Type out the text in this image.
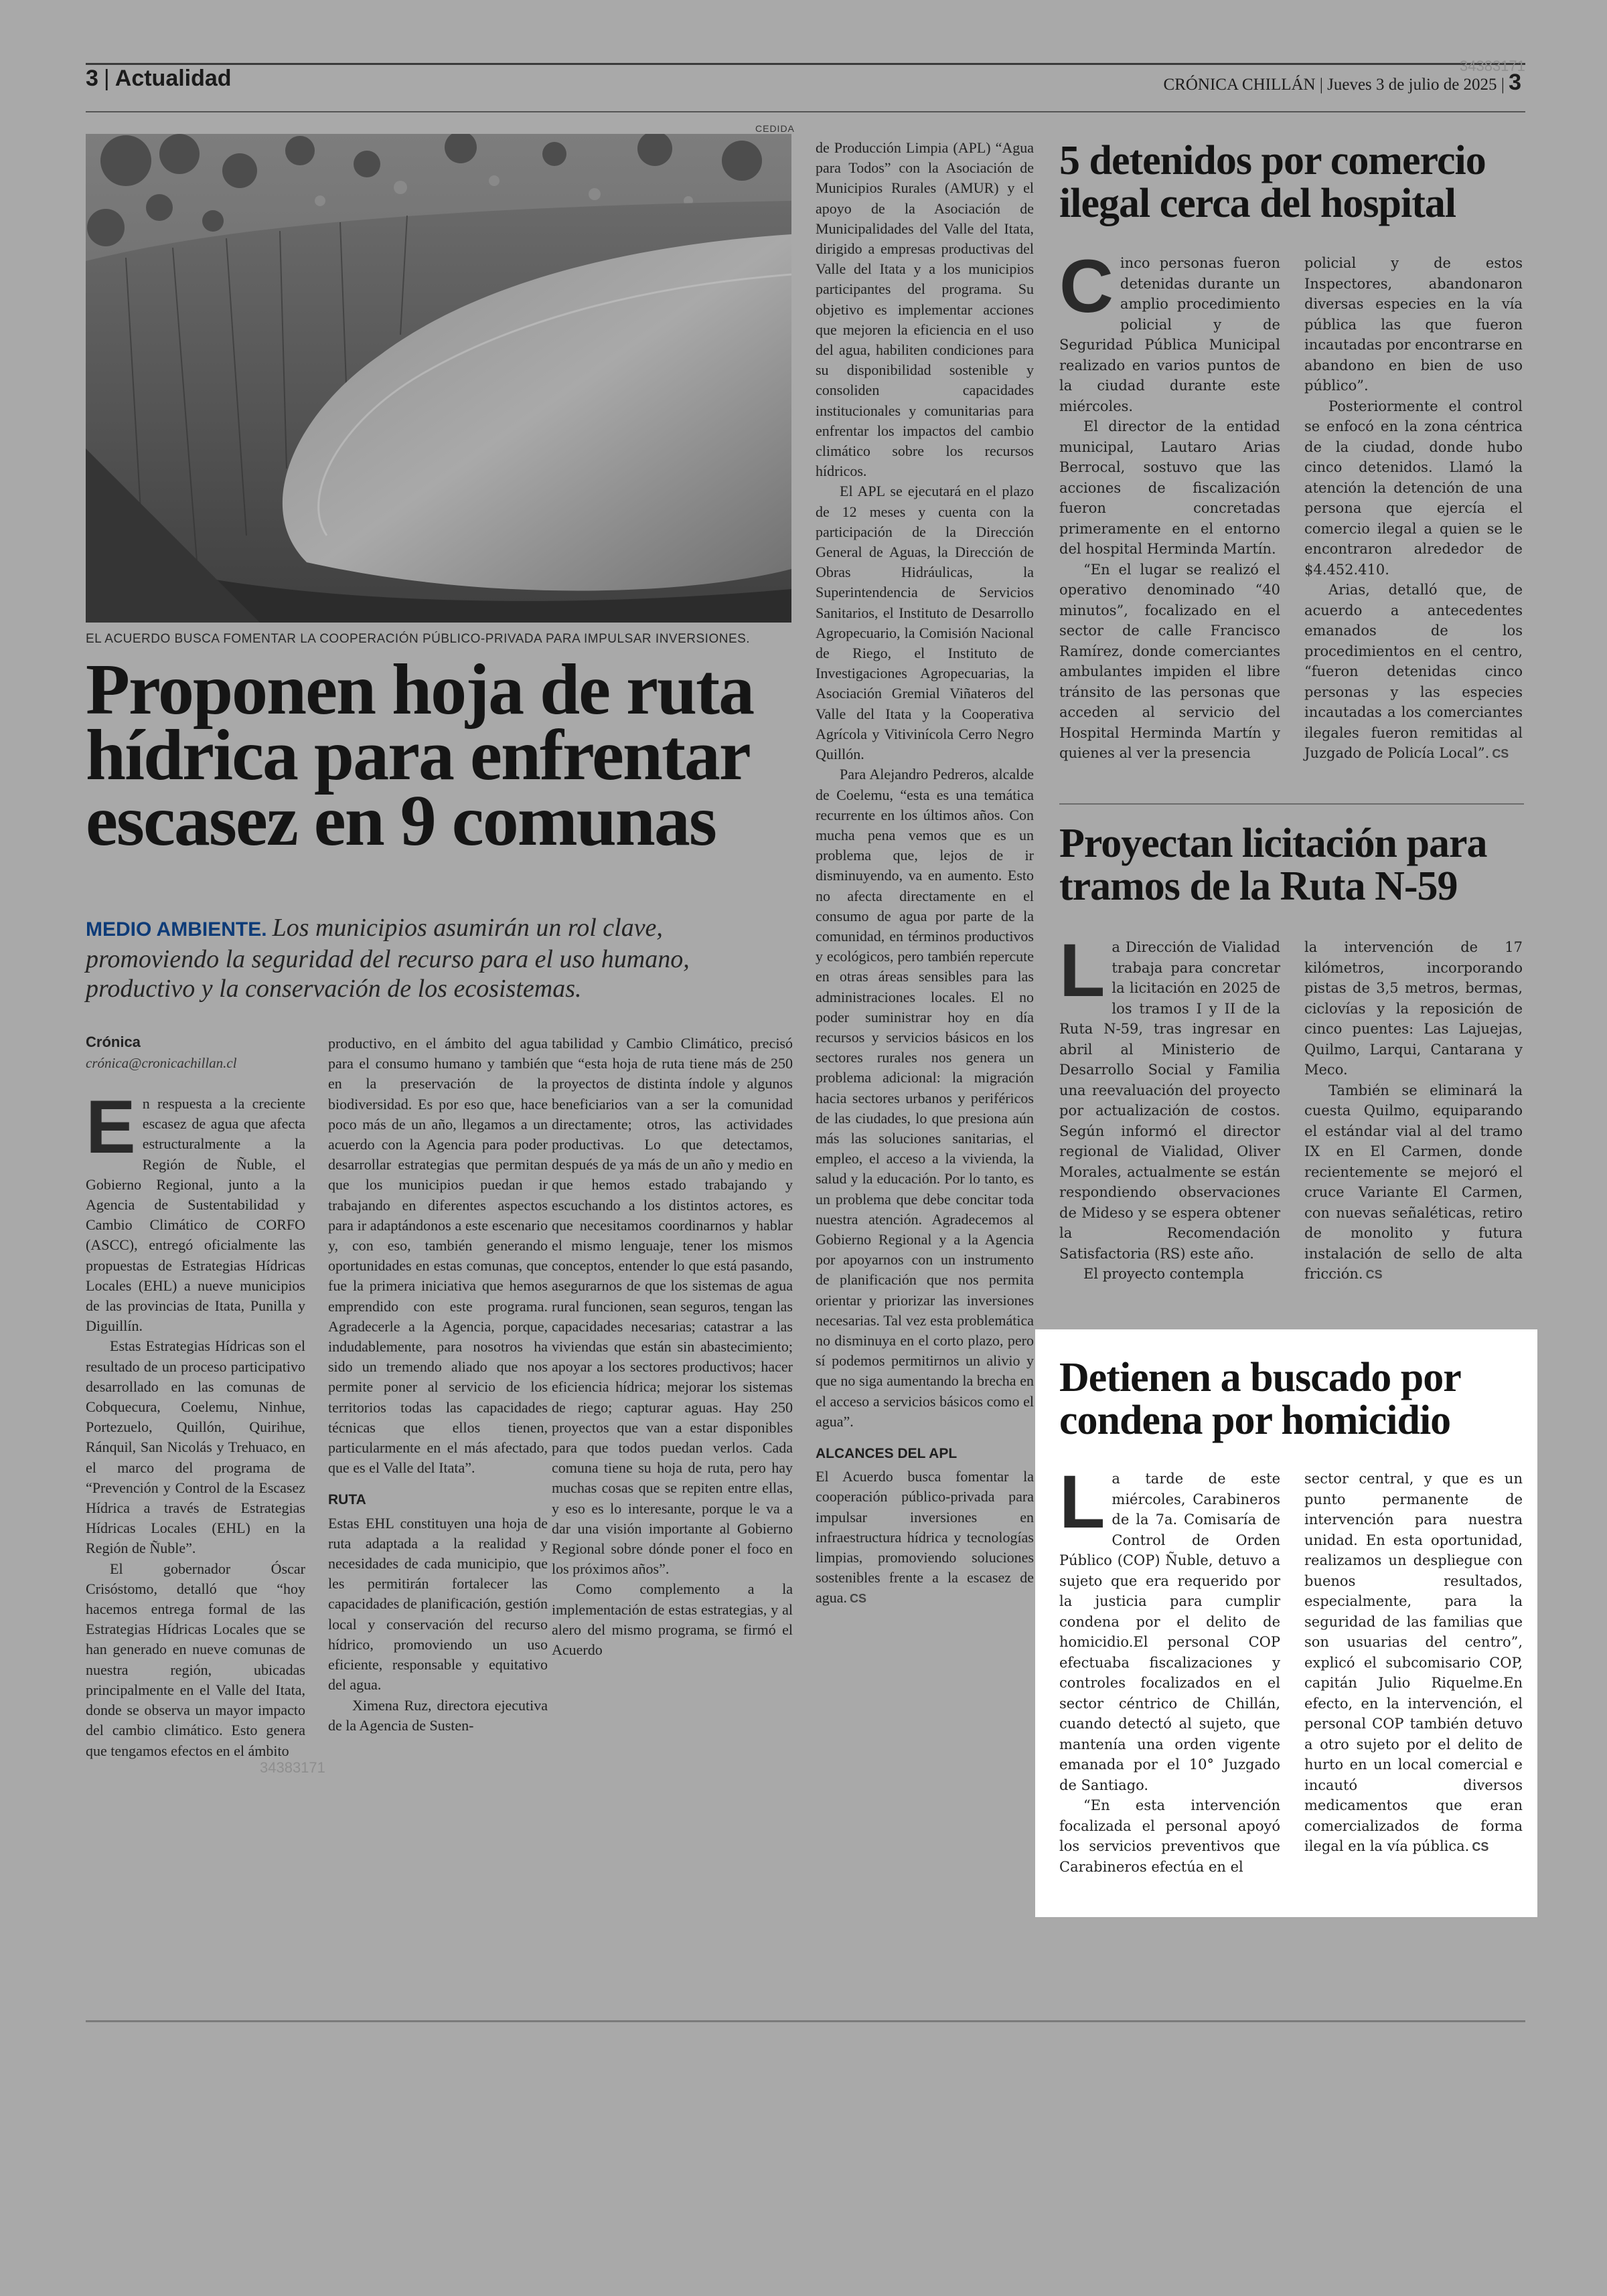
3 | Actualidad	CRÓNICA CHILLÁN | Jueves 3 de julio de 2025 | 3
34383171
CEDIDA
EL ACUERDO BUSCA FOMENTAR LA COOPERACIÓN PÚBLICO-PRIVADA PARA IMPULSAR INVERSIONES.
Proponen hoja de ruta hídrica para enfrentar escasez en 9 comunas
MEDIO AMBIENTE. Los municipios asumirán un rol clave, promoviendo la seguridad del recurso para el uso humano, productivo y la conservación de los ecosistemas.
Crónica
crónica@cronicachillan.cl

En respuesta a la creciente escasez de agua que afecta estructuralmente a la Región de Ñuble, el Gobierno Regional, junto a la Agencia de Sustentabilidad y Cambio Climático de CORFO (ASCC), entregó oficialmente las propuestas de Estrategias Hídricas Locales (EHL) a nueve municipios de las provincias de Itata, Punilla y Diguillín.

Estas Estrategias Hídricas son el resultado de un proceso participativo desarrollado en las comunas de Cobquecura, Coelemu, Ninhue, Portezuelo, Quillón, Quirihue, Ránquil, San Nicolás y Trehuaco, en el marco del programa de “Prevención y Control de la Escasez Hídrica a través de Estrategias Hídricas Locales (EHL) en la Región de Ñuble”.

El gobernador Óscar Crisóstomo, detalló que “hoy hacemos entrega formal de las Estrategias Hídricas Locales que se han generado en nueve comunas de nuestra región, ubicadas principalmente en el Valle del Itata, donde se observa un mayor impacto del cambio climático. Esto genera que tengamos efectos en el ámbito

productivo, en el ámbito del agua para el consumo humano y también en la preservación de la biodiversidad. Es por eso que, hace poco más de un año, llegamos a un acuerdo con la Agencia para poder desarrollar estrategias que permitan que los municipios puedan ir trabajando en diferentes aspectos para ir adaptándonos a este escenario y, con eso, también generando oportunidades en estas comunas, que fue la primera iniciativa que hemos emprendido con este programa. Agradecerle a la Agencia, porque, indudablemente, para nosotros ha sido un tremendo aliado que nos permite poner al servicio de los territorios todas las capacidades técnicas que ellos tienen, particularmente en el más afectado, que es el Valle del Itata”.

RUTA

Estas EHL constituyen una hoja de ruta adaptada a la realidad y necesidades de cada municipio, que les permitirán fortalecer las capacidades de planificación, gestión local y conservación del recurso hídrico, promoviendo un uso eficiente, responsable y equitativo del agua.

Ximena Ruz, directora ejecutiva de la Agencia de Susten-

34383171

tabilidad y Cambio Climático, precisó que “esta hoja de ruta tiene más de 250 proyectos de distinta índole y algunos beneficiarios van a ser la comunidad directamente; otros, las actividades productivas. Lo que detectamos, después de ya más de un año y medio en que hemos estado trabajando y escuchando a los distintos actores, es que necesitamos coordinarnos y hablar el mismo lenguaje, tener los mismos conceptos, entender lo que está pasando, asegurarnos de que los sistemas de agua rural funcionen, sean seguros, tengan las capacidades necesarias; catastrar a las viviendas que están sin abastecimiento; apoyar a los sectores productivos; hacer eficiencia hídrica; mejorar los sistemas de riego; capturar aguas. Hay 250 proyectos que van a estar disponibles para que todos puedan verlos. Cada comuna tiene su hoja de ruta, pero hay muchas cosas que se repiten entre ellas, y eso es lo interesante, porque le va a dar una visión importante al Gobierno Regional sobre dónde poner el foco en los próximos años”.

Como complemento a la implementación de estas estrategias, y al alero del mismo programa, se firmó el Acuerdo

de Producción Limpia (APL) “Agua para Todos” con la Asociación de Municipios Rurales (AMUR) y el apoyo de la Asociación de Municipalidades del Valle del Itata, dirigido a empresas productivas del Valle del Itata y a los municipios participantes del programa. Su objetivo es implementar acciones que mejoren la eficiencia en el uso del agua, habiliten condiciones para su disponibilidad sostenible y consoliden capacidades institucionales y comunitarias para enfrentar los impactos del cambio climático sobre los recursos hídricos.

El APL se ejecutará en el plazo de 12 meses y cuenta con la participación de la Dirección General de Aguas, la Dirección de Obras Hidráulicas, la Superintendencia de Servicios Sanitarios, el Instituto de Desarrollo Agropecuario, la Comisión Nacional de Riego, el Instituto de Investigaciones Agropecuarias, la Asociación Gremial Viñateros del Valle del Itata y la Cooperativa Agrícola y Vitivinícola Cerro Negro Quillón.

Para Alejandro Pedreros, alcalde de Coelemu, “esta es una temática recurrente en los últimos años. Con mucha pena vemos que es un problema que, lejos de ir disminuyendo, va en aumento. Esto no afecta directamente en el consumo de agua por parte de la comunidad, en términos productivos y ecológicos, pero también repercute en otras áreas sensibles para las administraciones locales. El no poder suministrar hoy en día recursos y servicios básicos en los sectores rurales nos genera un problema adicional: la migración hacia sectores urbanos y periféricos de las ciudades, lo que presiona aún más las soluciones sanitarias, el empleo, el acceso a la vivienda, la salud y la educación. Por lo tanto, es un problema que debe concitar toda nuestra atención. Agradecemos al Gobierno Regional y a la Agencia por apoyarnos con un instrumento de planificación que nos permita orientar y priorizar las inversiones necesarias. Tal vez esta problemática no disminuya en el corto plazo, pero sí podemos permitirnos un alivio y que no siga aumentando la brecha en el acceso a servicios básicos como el agua”.

ALCANCES DEL APL

El Acuerdo busca fomentar la cooperación público-privada para impulsar inversiones en infraestructura hídrica y tecnologías limpias, promoviendo soluciones sostenibles frente a la escasez de agua. CS

5 detenidos por comercio ilegal cerca del hospital

Cinco personas fueron detenidas durante un amplio procedimiento policial y de Seguridad Pública Municipal realizado en varios puntos de la ciudad durante este miércoles.

El director de la entidad municipal, Lautaro Arias Berrocal, sostuvo que las acciones de fiscalización fueron concretadas primeramente en el entorno del hospital Herminda Martín.

“En el lugar se realizó el operativo denominado “40 minutos”, focalizado en el sector de calle Francisco Ramírez, donde comerciantes ambulantes impiden el libre tránsito de las personas que acceden al servicio del Hospital Herminda Martín y quienes al ver la presencia

policial y de estos Inspectores, abandonaron diversas especies en la vía pública las que fueron incautadas por encontrarse en abandono en bien de uso público”.

Posteriormente el control se enfocó en la zona céntrica de la ciudad, donde hubo cinco detenidos. Llamó la atención la detención de una persona que ejercía el comercio ilegal a quien se le encontraron alrededor de $4.452.410.

Arias, detalló que, de acuerdo a antecedentes emanados de los procedimientos en el centro, “fueron detenidas cinco personas y las especies incautadas a los comerciantes ilegales fueron remitidas al Juzgado de Policía Local”. CS

Proyectan licitación para tramos de la Ruta N-59

La Dirección de Vialidad trabaja para concretar la licitación en 2025 de los tramos I y II de la Ruta N-59, tras ingresar en abril al Ministerio de Desarrollo Social y Familia una reevaluación del proyecto por actualización de costos. Según informó el director regional de Vialidad, Oliver Morales, actualmente se están respondiendo observaciones de Mideso y se espera obtener la Recomendación Satisfactoria (RS) este año.

El proyecto contempla

la intervención de 17 kilómetros, incorporando pistas de 3,5 metros, bermas, ciclovías y la reposición de cinco puentes: Las Lajuejas, Quilmo, Larqui, Cantarana y Meco.

También se eliminará la cuesta Quilmo, equiparando el estándar vial al del tramo IX en El Carmen, donde recientemente se mejoró el cruce Variante El Carmen, con nuevas señaléticas, retiro de monolito y futura instalación de sello de alta fricción. CS

Detienen a buscado por condena por homicidio

La tarde de este miércoles, Carabineros de la 7a. Comisaría de Control de Orden Público (COP) Ñuble, detuvo a sujeto que era requerido por la justicia para cumplir condena por el delito de homicidio.El personal COP efectuaba fiscalizaciones y controles focalizados en el sector céntrico de Chillán, cuando detectó al sujeto, que mantenía una orden vigente emanada por el 10° Juzgado de Santiago.

“En esta intervención focalizada el personal apoyó los servicios preventivos que Carabineros efectúa en el

sector central, y que es un punto permanente de intervención para nuestra unidad. En esta oportunidad, realizamos un despliegue con buenos resultados, especialmente, para la seguridad de las familias que son usuarias del centro”, explicó el subcomisario COP, capitán Julio Riquelme.En efecto, en la intervención, el personal COP también detuvo a otro sujeto por el delito de hurto en un local comercial e incautó diversos medicamentos que eran comercializados de forma ilegal en la vía pública. CS
